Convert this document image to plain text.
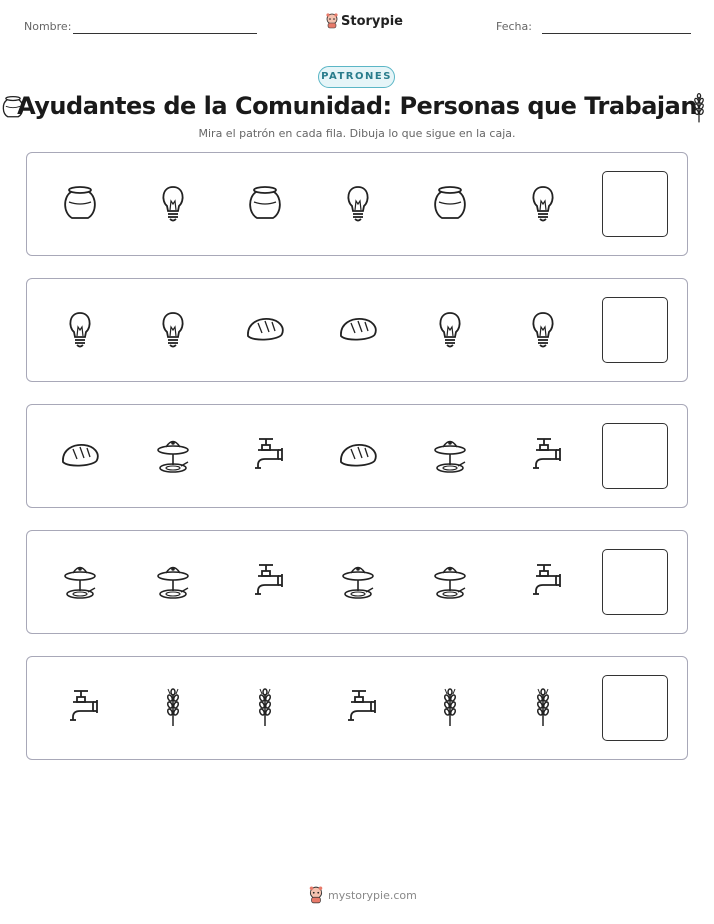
Nombre:	Storypie	Fecha:
PATRONES
Ayudantes de la Comunidad: Personas que Trabajan
Mira el patrón en cada fila. Dibuja lo que sigue en la caja.
mystorypie.com
